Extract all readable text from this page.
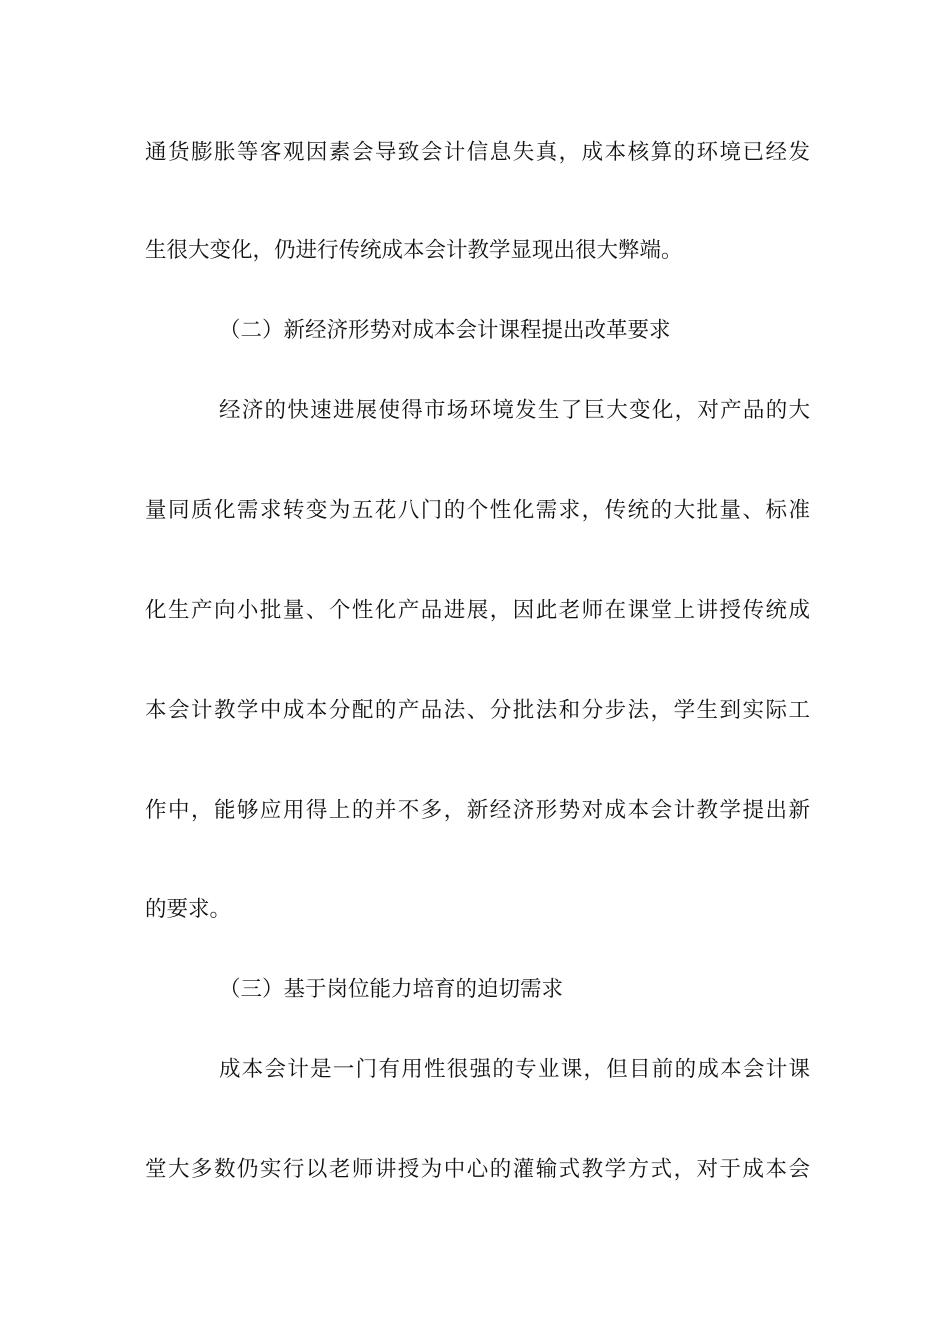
通货膨胀等客观因素会导致会计信息失真，成本核算的环境已经发
生很大变化，仍进行传统成本会计教学显现出很大弊端。
（二）新经济形势对成本会计课程提出改革要求
经济的快速进展使得市场环境发生了巨大变化，对产品的大
量同质化需求转变为五花八门的个性化需求，传统的大批量、标准
化生产向小批量、个性化产品进展，因此老师在课堂上讲授传统成
本会计教学中成本分配的产品法、分批法和分步法，学生到实际工
作中，能够应用得上的并不多，新经济形势对成本会计教学提出新
的要求。
（三）基于岗位能力培育的迫切需求
成本会计是一门有用性很强的专业课，但目前的成本会计课
堂大多数仍实行以老师讲授为中心的灌输式教学方式，对于成本会
